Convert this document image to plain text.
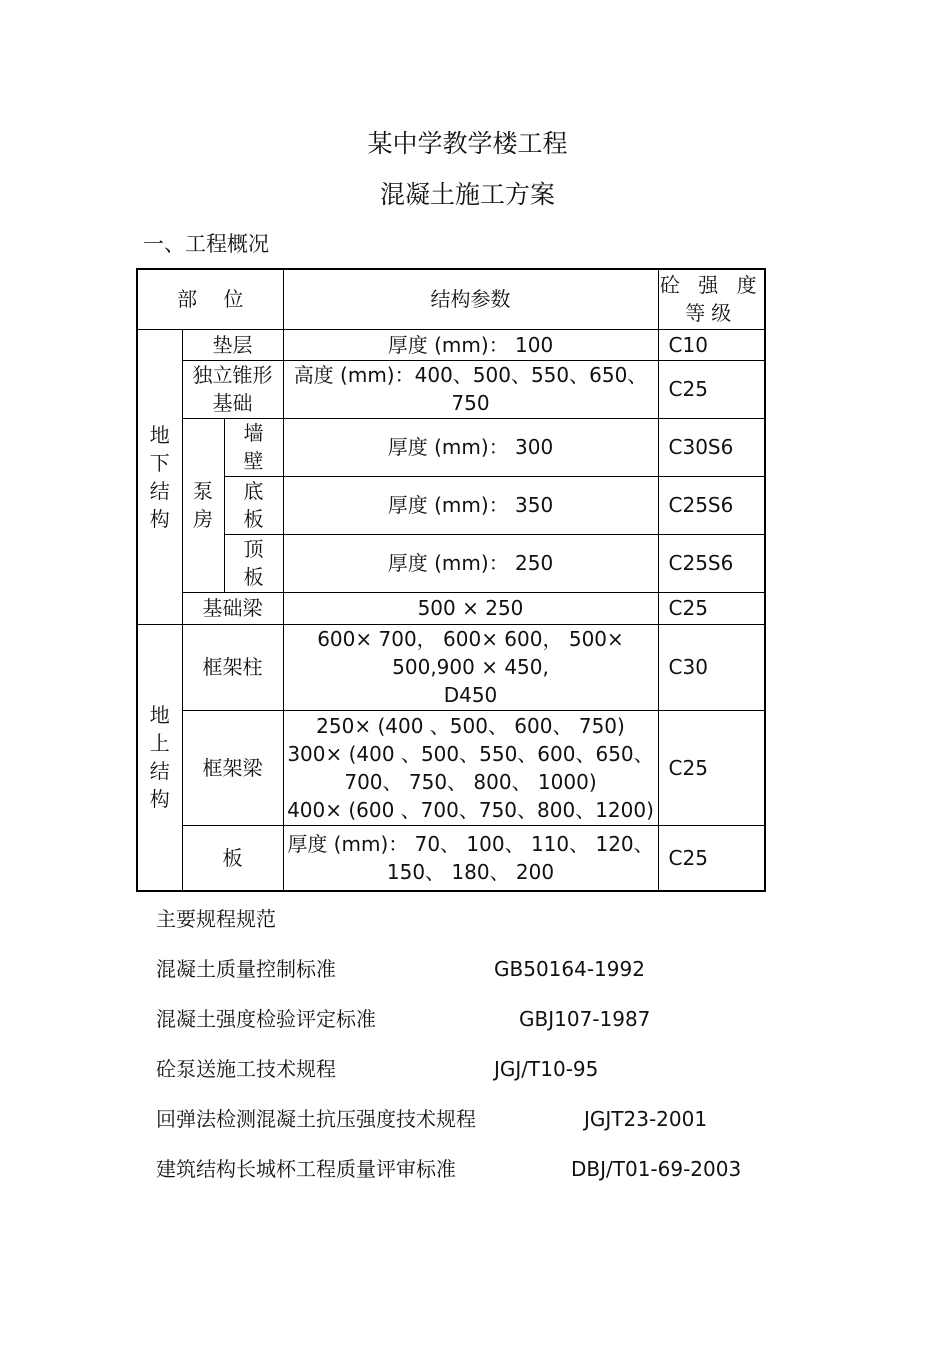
某中学教学楼工程
混凝土施工方案
一、工程概况
部　 位			结构参数	砼 强 度 等级

地下结构	垫层		厚度 (mm)： 100	C10

	独立锥形基础		高度 (mm)：400、500、550、650、750	C25

	泵房	墙壁	厚度 (mm)： 300	C30S6

		底板	厚度 (mm)： 350	C25S6

		顶板	厚度 (mm)： 250	C25S6
	基础梁		500 × 250	C25

地上结构	框架柱		600× 700， 600× 600， 500×
500,900 × 450,
D450	C30
	框架梁		250× (400 、500、 600、 750)
300× (400 、500、550、600、650、
700、 750、 800、 1000)
400× (600 、700、750、800、1200)	C25
	板		厚度 (mm)： 70、 100、 110、 120、
150、 180、 200	C25
主要规程规范
混凝土质量控制标准	GB50164-1992
混凝土强度检验评定标准	GBJ107-1987
砼泵送施工技术规程	JGJ/T10-95
回弹法检测混凝土抗压强度技术规程	JGJT23-2001
建筑结构长城杯工程质量评审标准	DBJ/T01-69-2003
